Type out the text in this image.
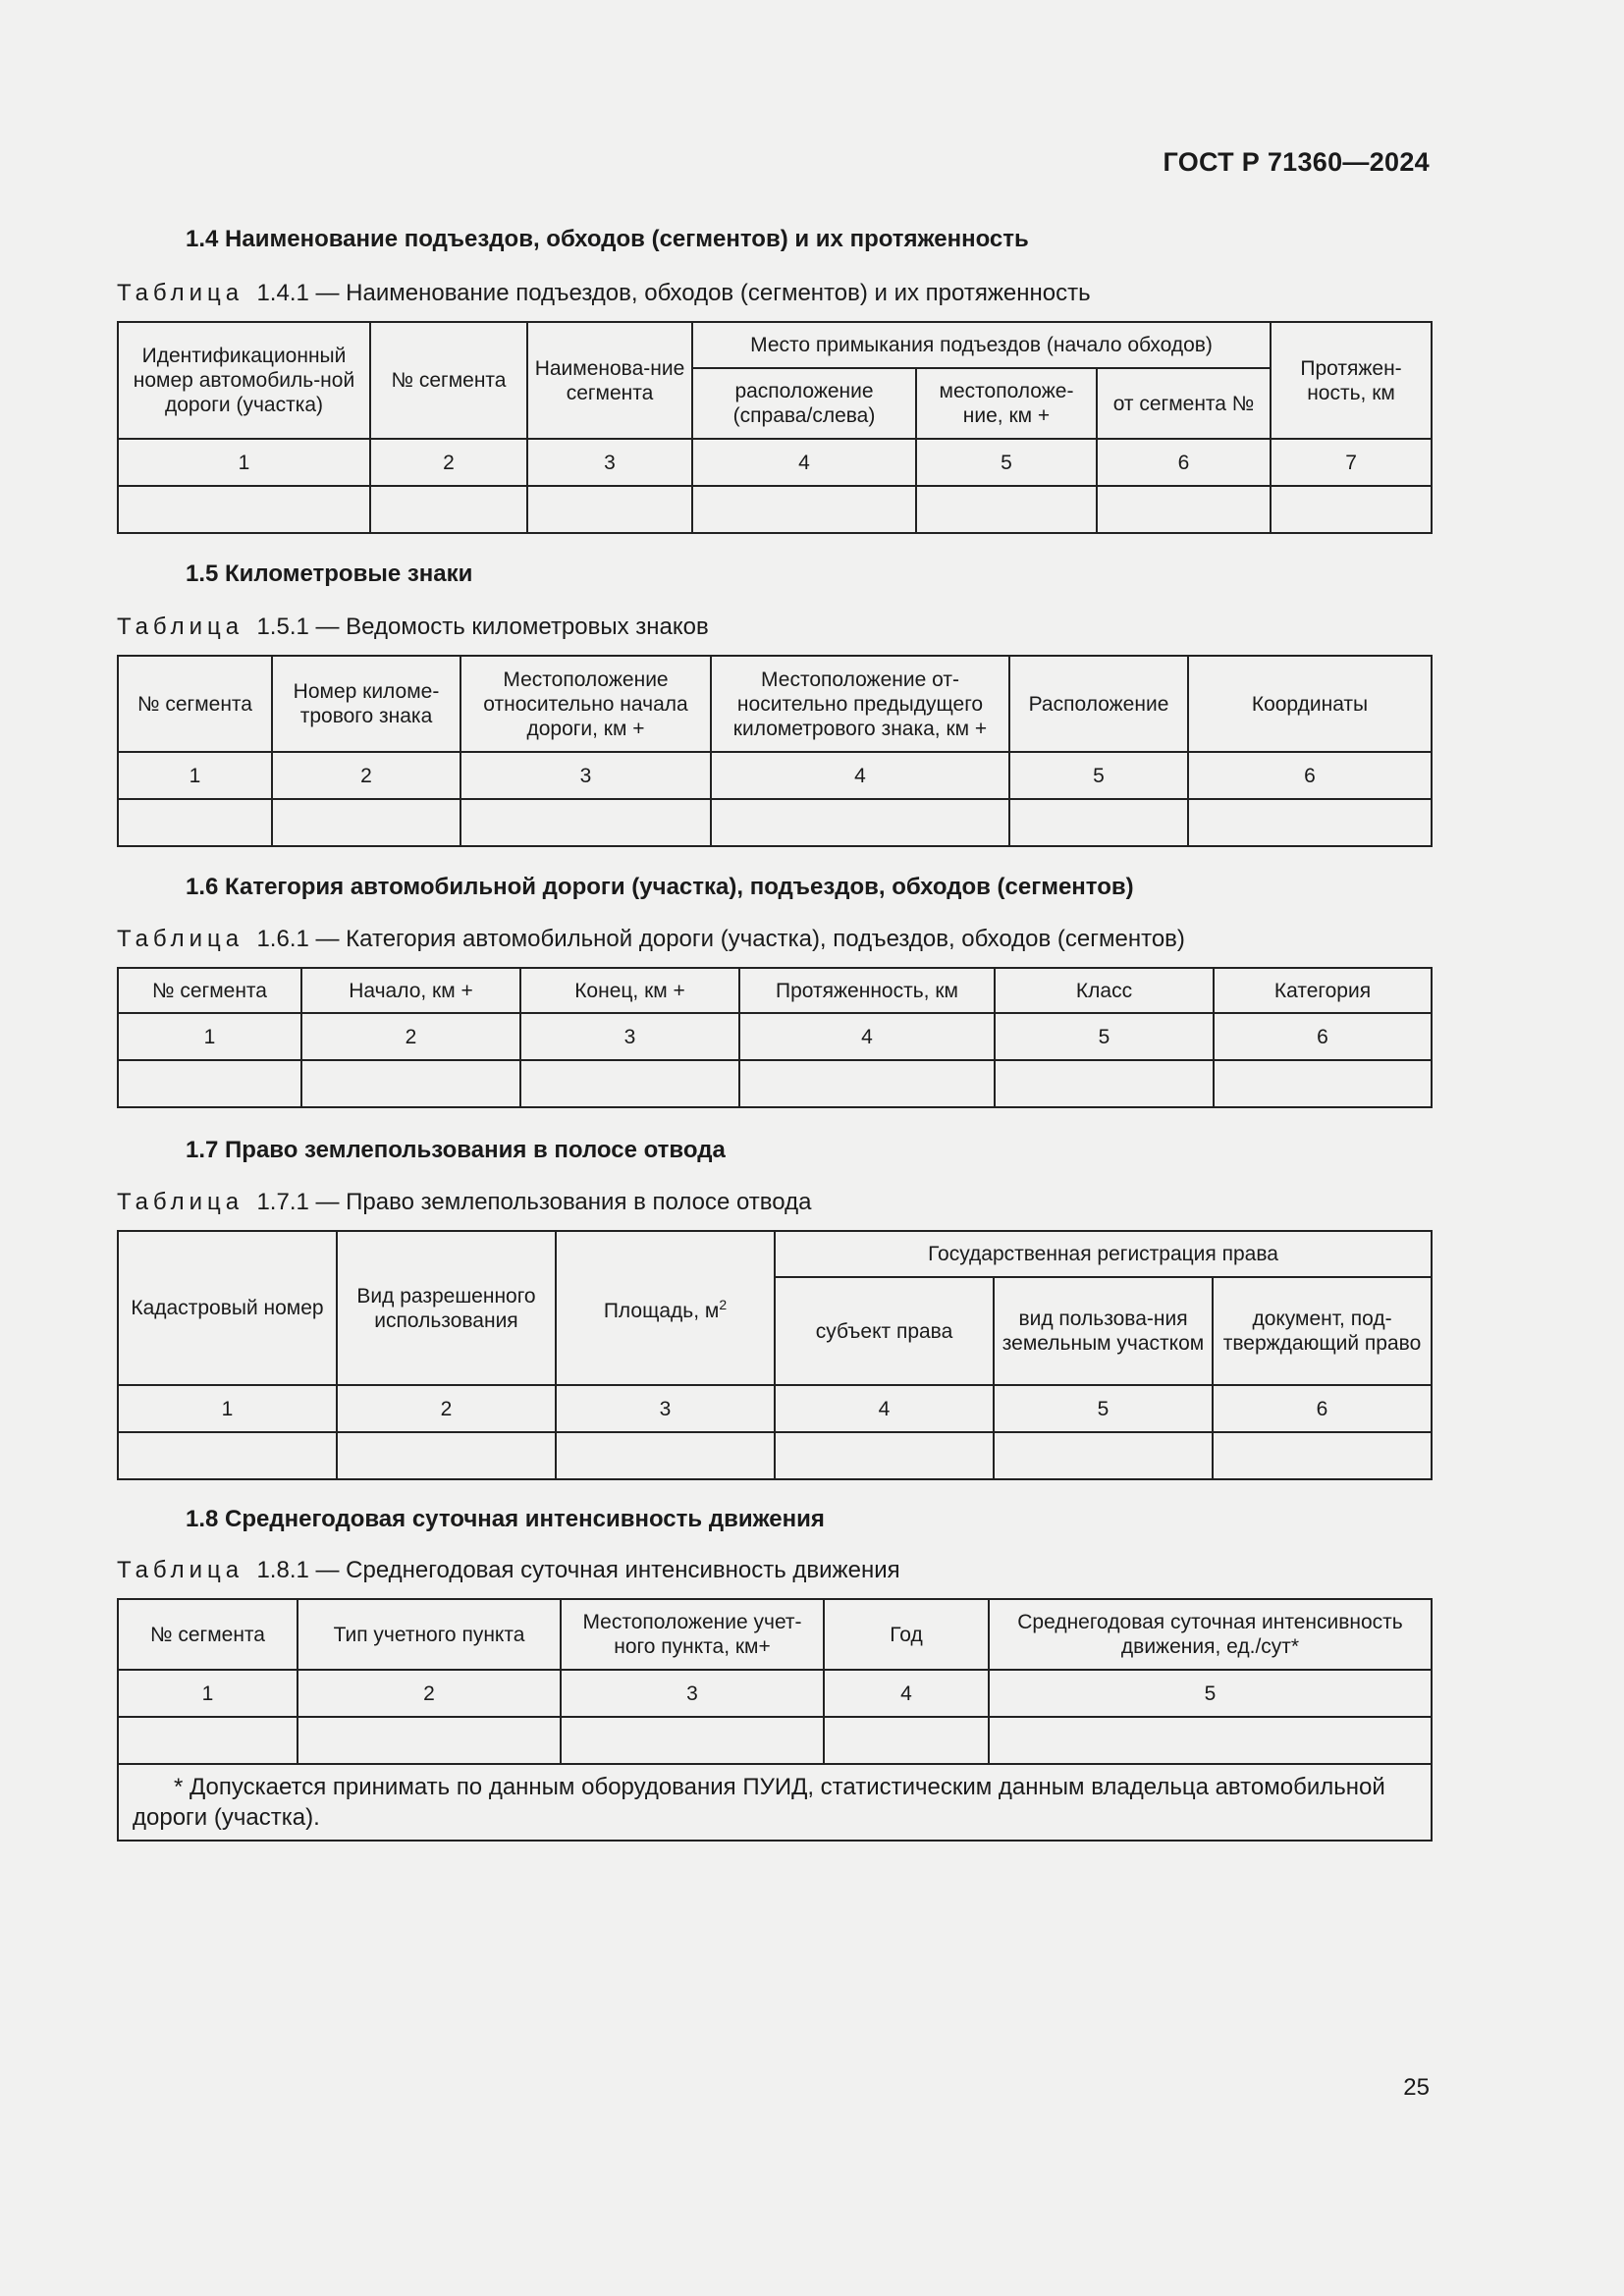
ГОСТ Р 71360—2024
1.4 Наименование подъездов, обходов (сегментов) и их протяженность
Таблица 1.4.1 — Наименование подъездов, обходов (сегментов) и их протяженность
Идентификационный номер автомобиль-ной дороги (участка)	№ сегмента	Наименова-ние сегмента	Место примыкания подъездов (начало обходов)			Протяжен-ность, км
			расположение (справа/слева)	местоположе-ние, км +	от сегмента №	
1	2	3	4	5	6	7

1.5 Километровые знаки
Таблица 1.5.1 — Ведомость километровых знаков
№ сегмента	Номер киломе-трового знака	Местоположение относительно начала дороги, км +	Местоположение от-носительно предыдущего километрового знака, км +	Расположение	Координаты
1	2	3	4	5	6

1.6 Категория автомобильной дороги (участка), подъездов, обходов (сегментов)
Таблица 1.6.1 — Категория автомобильной дороги (участка), подъездов, обходов (сегментов)
№ сегмента	Начало, км +	Конец, км +	Протяженность, км	Класс	Категория
1	2	3	4	5	6

1.7 Право землепользования в полосе отвода
Таблица 1.7.1 — Право землепользования в полосе отвода
Кадастровый номер	Вид разрешенного использования	Площадь, $м^2$	Государственная регистрация права		
			субъект права	вид пользова-ния земельным участком	документ, под-тверждающий право
1	2	3	4	5	6

1.8 Среднегодовая суточная интенсивность движения
Таблица 1.8.1 — Среднегодовая суточная интенсивность движения
№ сегмента	Тип учетного пункта	Местоположение учет-ного пункта, км+	Год	Среднегодовая суточная интенсивность движения, ед./сут*
1	2	3	4	5

* Допускается принимать по данным оборудования ПУИД, статистическим данным владельца автомобильной дороги (участка).				
25
